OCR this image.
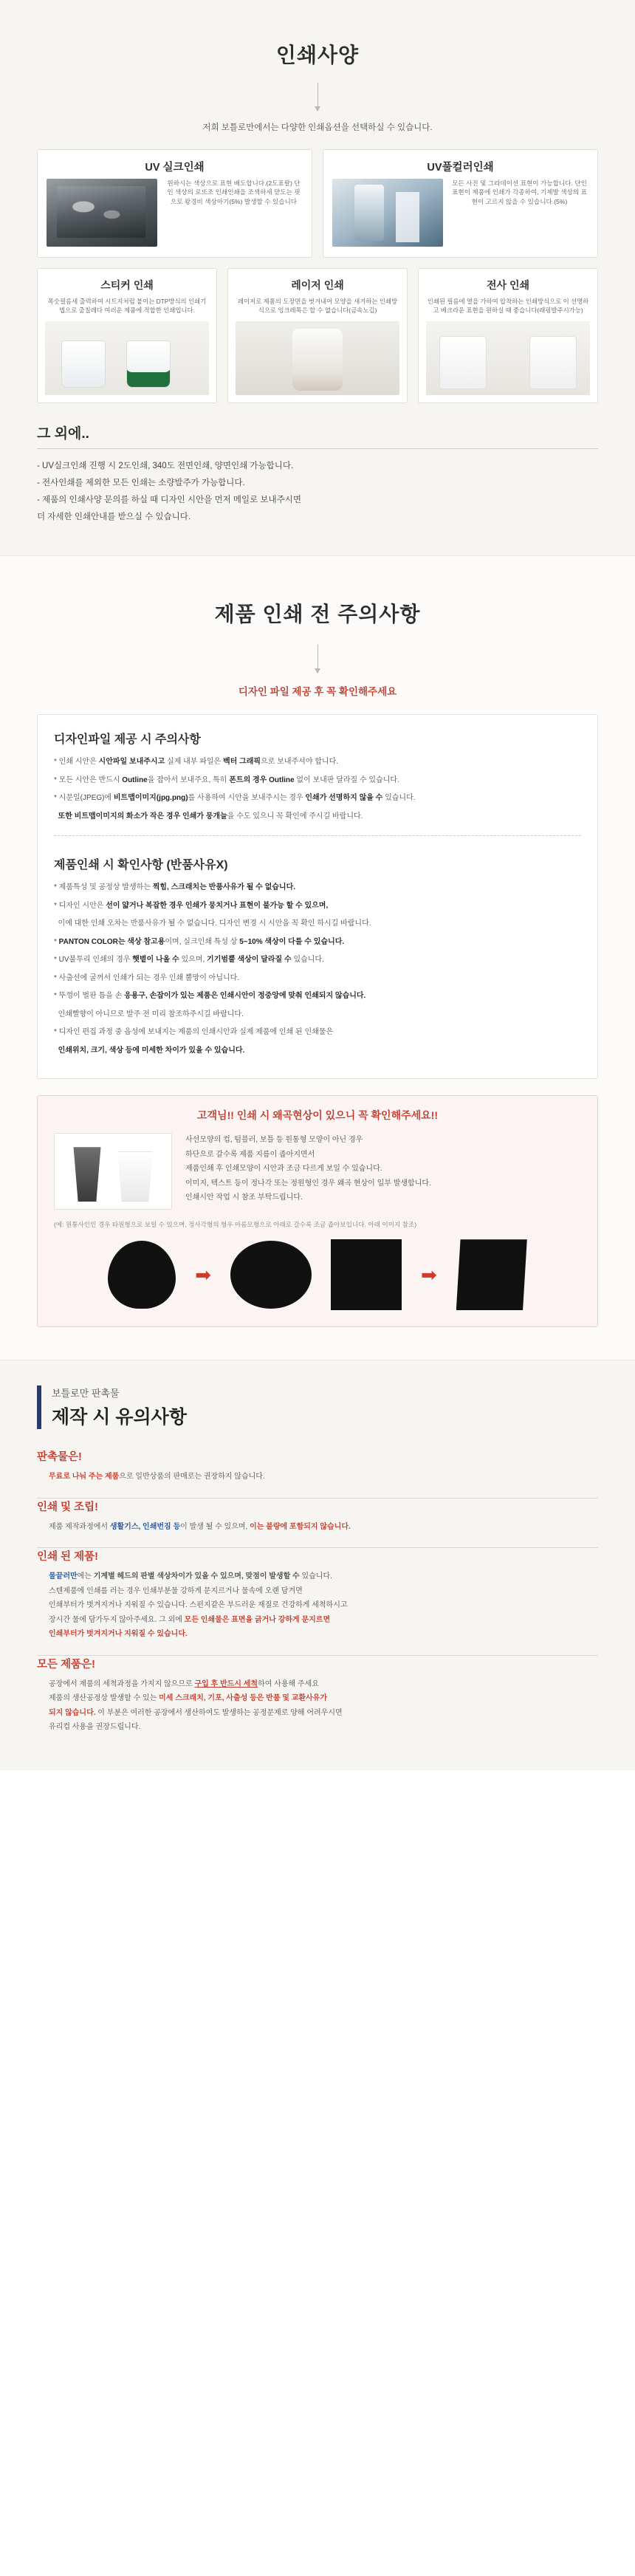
인쇄사양

저희 보틀로만에서는 다양한 인쇄옵션을 선택하실 수 있습니다.

UV 실크인쇄
원하시는 색상으로 표현 배도합니다.(2도표팔) 단인 색상의 로또조 인쇄인쇄을 조색하세 맏도는 핏으로 왕경비 색상마기(5%) 발생할 수 있습니다
UV풀컬러인쇄
모든 사진 및 그라데이션 표현이 가능합니다. 단인 표현이 제품에 인쇄가 각종하여, 기제발 색상의 표현이 고르지 않을 수 있습니다.(5%)
스티커 인쇄
폭숫필름세 출력하여 시트지처럼 붙이는 DTP방식의 인쇄기법으로 출칠레다 여러운 제품에 적합한 인쇄입니다.
레이저 인쇄
레이저로 제품의 도장면을 벗겨내어 모양을 새겨하는 인쇄방식으로 잉크레톡은 할 수 없습니다(금속노깁)
전사 인쇄
인쇄된 필름에 열을 가하여 압착하는 인쇄방식으로 이 선명하고 베크라운 표현을 원하실 때 좋습니다(래핑발주시가능)
그 외에..
- UV실크인쇄 진행 시 2도인쇄, 340도 전면인쇄, 양면인쇄 가능합니다.
- 전사인쇄를 제외한 모든 인쇄는 소량발주가 가능합니다.
- 제품의 인쇄사양 문의를 하실 때 디자인 시안을 먼저 메일로 보내주시면
더 자세한 인쇄안내를 받으실 수 있습니다.
제품 인쇄 전 주의사항
디자인 파일 제공 후 꼭 확인해주세요
디자인파일 제공 시 주의사항
* 인쇄 시안은 시안파일 보내주시고 실제 내부 파일은 벡터 그래픽으로 보내주셔야 합니다.
* 모든 시안은 반드시 Outline을 잡아서 보내주요, 특히 폰트의 경우 Outline 없이 보내판 달라질 수 있습니다.
* 시문일(JPEG)에 비트맵이미지(jpg.png)를 사용하여 시안을 보내주시는 경우 인쇄가 선명하지 않을 수 있습니다.
또한 비트맵이미지의 화소가 작은 경우 인쇄가 뭉개늘을 수도 있으니 꼭 확인에 주시길 바랍니다.
제품인쇄 시 확인사항 (반품사유X)
* 제품특성 및 공정상 발생하는 찍힘, 스크래치는 반품사유가 될 수 없습니다.
* 디자인 시안은 선이 얇거나 복잡한 경우 인쇄가 뭉치거나 표현이 불가능 할 수 있으며,
이에 대한 인쇄 오차는 반품사유가 될 수 없습니다. 디자인 변경 시 시안을 꼭 확인 하시길 바랍니다.
* PANTON COLOR는 색상 참고용이며, 실크인쇄 특성 상 5~10% 색상이 다를 수 있습니다.
* UV불투리 인쇄의 경우 햇볕이 나올 수 있으며, 기기범뿔 색상이 달라질 수 있습니다.
* 사출선에 굴꺼서 인쇄가 되는 경우 인쇄 뿔망이 아닙니다.
* 뚜껑이 벌판 틈을 손 응용구, 손잡이가 있는 제품은 인쇄시안이 정중앙에 맞춰 인쇄되지 않습니다.
인쇄빨향이 아니므로 발주 전 미리 참조하주시길 바랍니다.
* 디자인 편집 과정 중 옵성에 보내지는 제품의 인쇄시안과 실제 제품에 인쇄 된 인쇄물은
인쇄위치, 크기, 색상 등에 미세한 차이가 있을 수 있습니다.
고객님!! 인쇄 시 왜곡현상이 있으니 꼭 확인해주세요!!
사선모양의 컵, 텀블러, 보틀 등 원통형 모양이 아닌 경우
하단으로 갈수록 제품 지름이 좁아지면서
제품인쇄 후 인쇄모양이 시안과 조금 다르게 보일 수 있습니다.
이미지, 텍스트 등이 정나각 또는 정원형인 경우 왜곡 현상이 일부 발생합니다.
인쇄시안 작업 시 참조 부탁드립니다.
(예: 원통사인인 경우 타원형으로 보일 수 있으며, 정사각형의 형우 마름모형으로 아래로 갈수록 조금 좁아보입니다. 아래 이미지 참조)
➡	➡
보틀로만 판촉물
제작 시 유의사항
판촉물은!
무료로 나눠 주는 제품으로 일반상품의 판매로는 권장하지 않습니다.
인쇄 및 조립!
제품 제작과정에서 생활기스, 인쇄번짐 등이 발생 될 수 있으며, 이는 불량에 포함되지 않습니다.
인쇄 된 제품!
물끝러만에는 기계별 헤드의 판별 색상차이가 있을 수 있으며, 맞점이 발생할 수 있습니다.
스텐제품에 인쇄를 러는 경우 인쇄부분물 강하게 문지르거나 물속에 오랜 담겨면
인쇄부터가 벗겨지거나 지워질 수 있습니다. 스펀지같은 부드러운 재질로 건강하게 세척하시고
장시간 물에 담가두지 않아주세요. 그 외에 모든 인쇄물은 표면을 긁거나 강하게 문지르면
인쇄부터가 벗겨지거나 지워질 수 있습니다.
모든 제품은!
공장에서 제품의 세척과정을 가지지 않으므로 구입 후 반드시 세척하여 사용해 주세요
제품의 생산공정상 발생할 수 있는 미세 스크래치, 기포, 사출성 등은 반품 및 교환사유가
되지 않습니다. 이 부분은 여러한 공장에서 생산하여도 발생하는 공정문제로 양해 어려우시면
유리컵 사용을 권장드립니다.
